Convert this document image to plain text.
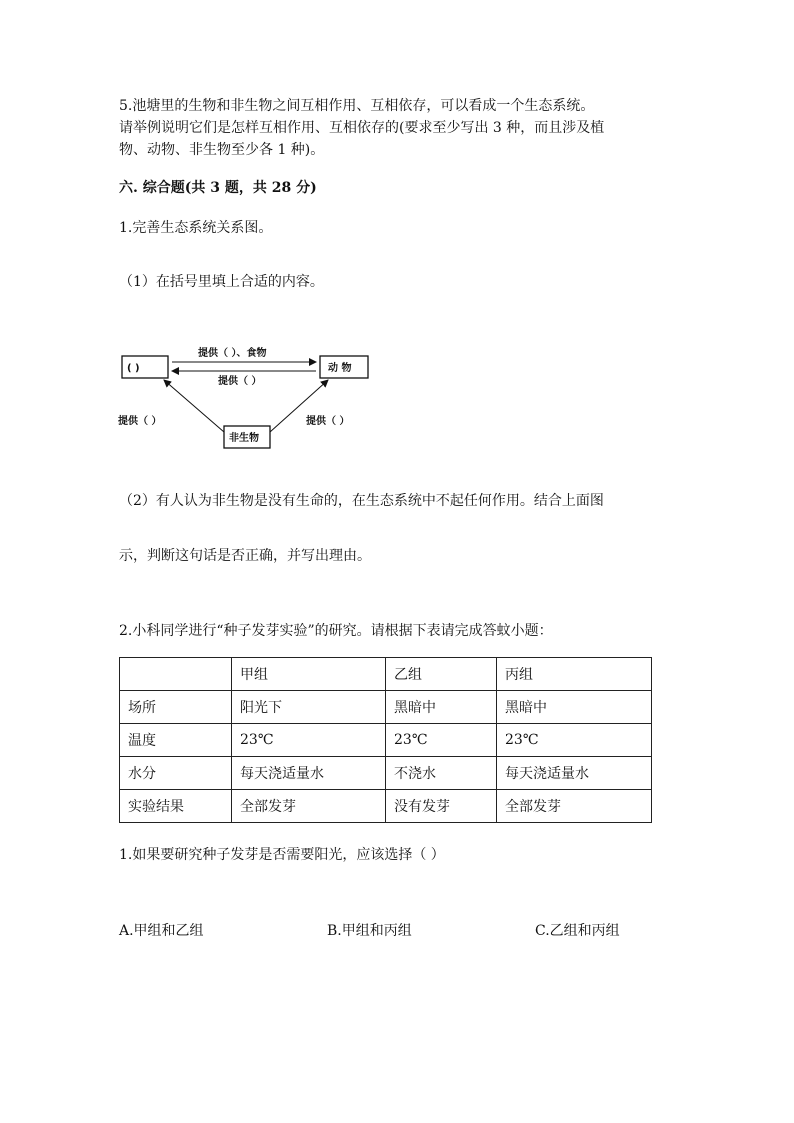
5.池塘里的生物和非生物之间互相作用、互相依存，可以看成一个生态系统。
请举例说明它们是怎样互相作用、互相依存的(要求至少写出 3 种，而且涉及植
物、动物、非生物至少各 1 种)。
六. 综合题(共 3 题，共 28 分)
1.完善生态系统关系图。
（1）在括号里填上合适的内容。
( )	动 物
非生物
提供（ ）、食物
提供（ ）
提供（ ）	提供（ ）
（2）有人认为非生物是没有生命的，在生态系统中不起任何作用。结合上面图
示，判断这句话是否正确，并写出理由。
2.小科同学进行“种子发芽实验”的研究。请根据下表请完成答蚊小题：
	甲组	乙组	丙组
场所	阳光下	黑暗中	黑暗中
温度	23℃	23℃	23℃
水分	每天浇适量水	不浇水	每天浇适量水
实验结果	全部发芽	没有发芽	全部发芽
1.如果要研究种子发芽是否需要阳光，应该选择（ ）
A.甲组和乙组	B.甲组和丙组	C.乙组和丙组
